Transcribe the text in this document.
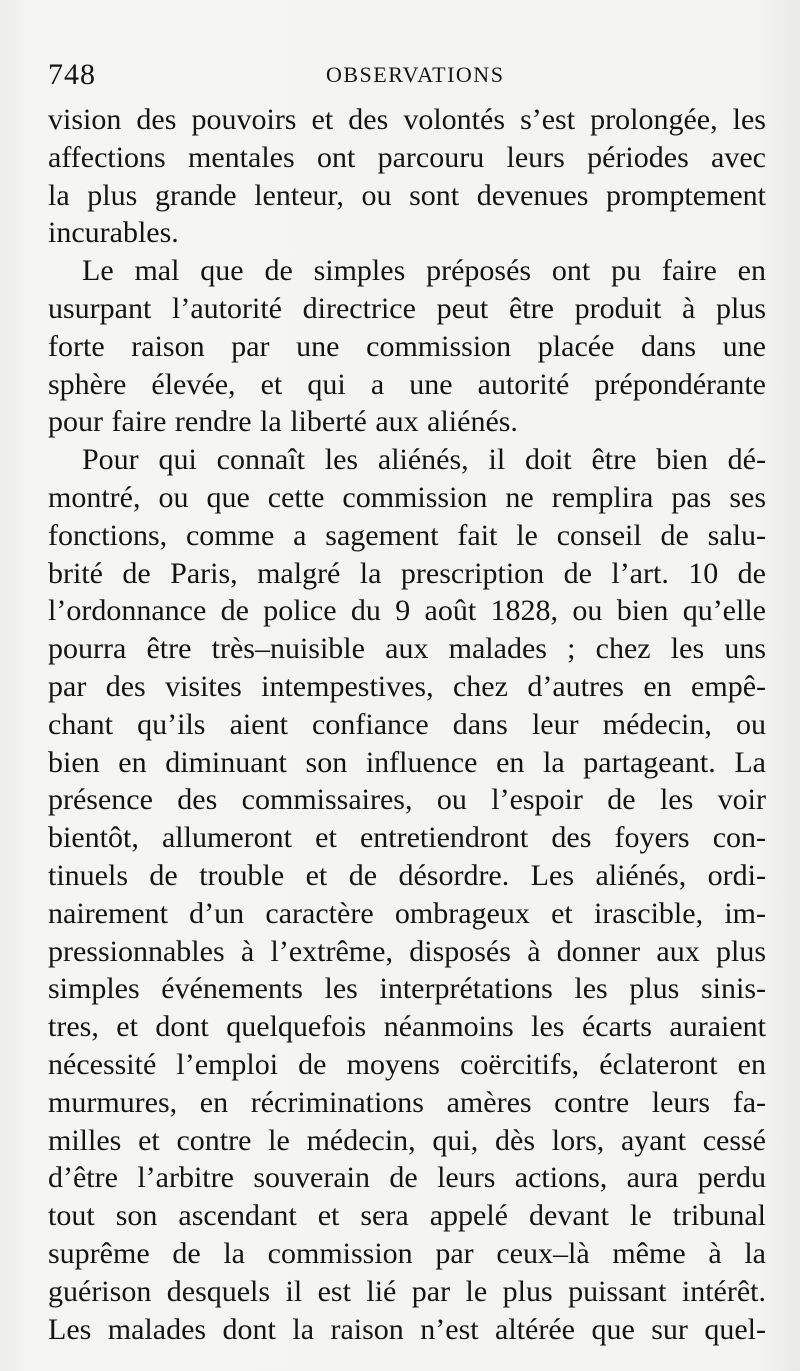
748	OBSERVATIONS
vision des pouvoirs et des volontés s’est prolongée, les
affections mentales ont parcouru leurs périodes avec
la plus grande lenteur, ou sont devenues promptement
incurables.
Le mal que de simples préposés ont pu faire en
usurpant l’autorité directrice peut être produit à plus
forte raison par une commission placée dans une
sphère élevée, et qui a une autorité prépondérante
pour faire rendre la liberté aux aliénés.
Pour qui connaît les aliénés, il doit être bien dé-
montré, ou que cette commission ne remplira pas ses
fonctions, comme a sagement fait le conseil de salu-
brité de Paris, malgré la prescription de l’art. 10 de
l’ordonnance de police du 9 août 1828, ou bien qu’elle
pourra être très–nuisible aux malades ; chez les uns
par des visites intempestives, chez d’autres en empê-
chant qu’ils aient confiance dans leur médecin, ou
bien en diminuant son influence en la partageant. La
présence des commissaires, ou l’espoir de les voir
bientôt, allumeront et entretiendront des foyers con-
tinuels de trouble et de désordre. Les aliénés, ordi-
nairement d’un caractère ombrageux et irascible, im-
pressionnables à l’extrême, disposés à donner aux plus
simples événements les interprétations les plus sinis-
tres, et dont quelquefois néanmoins les écarts auraient
nécessité l’emploi de moyens coërcitifs, éclateront en
murmures, en récriminations amères contre leurs fa-
milles et contre le médecin, qui, dès lors, ayant cessé
d’être l’arbitre souverain de leurs actions, aura perdu
tout son ascendant et sera appelé devant le tribunal
suprême de la commission par ceux–là même à la
guérison desquels il est lié par le plus puissant intérêt.
Les malades dont la raison n’est altérée que sur quel-
